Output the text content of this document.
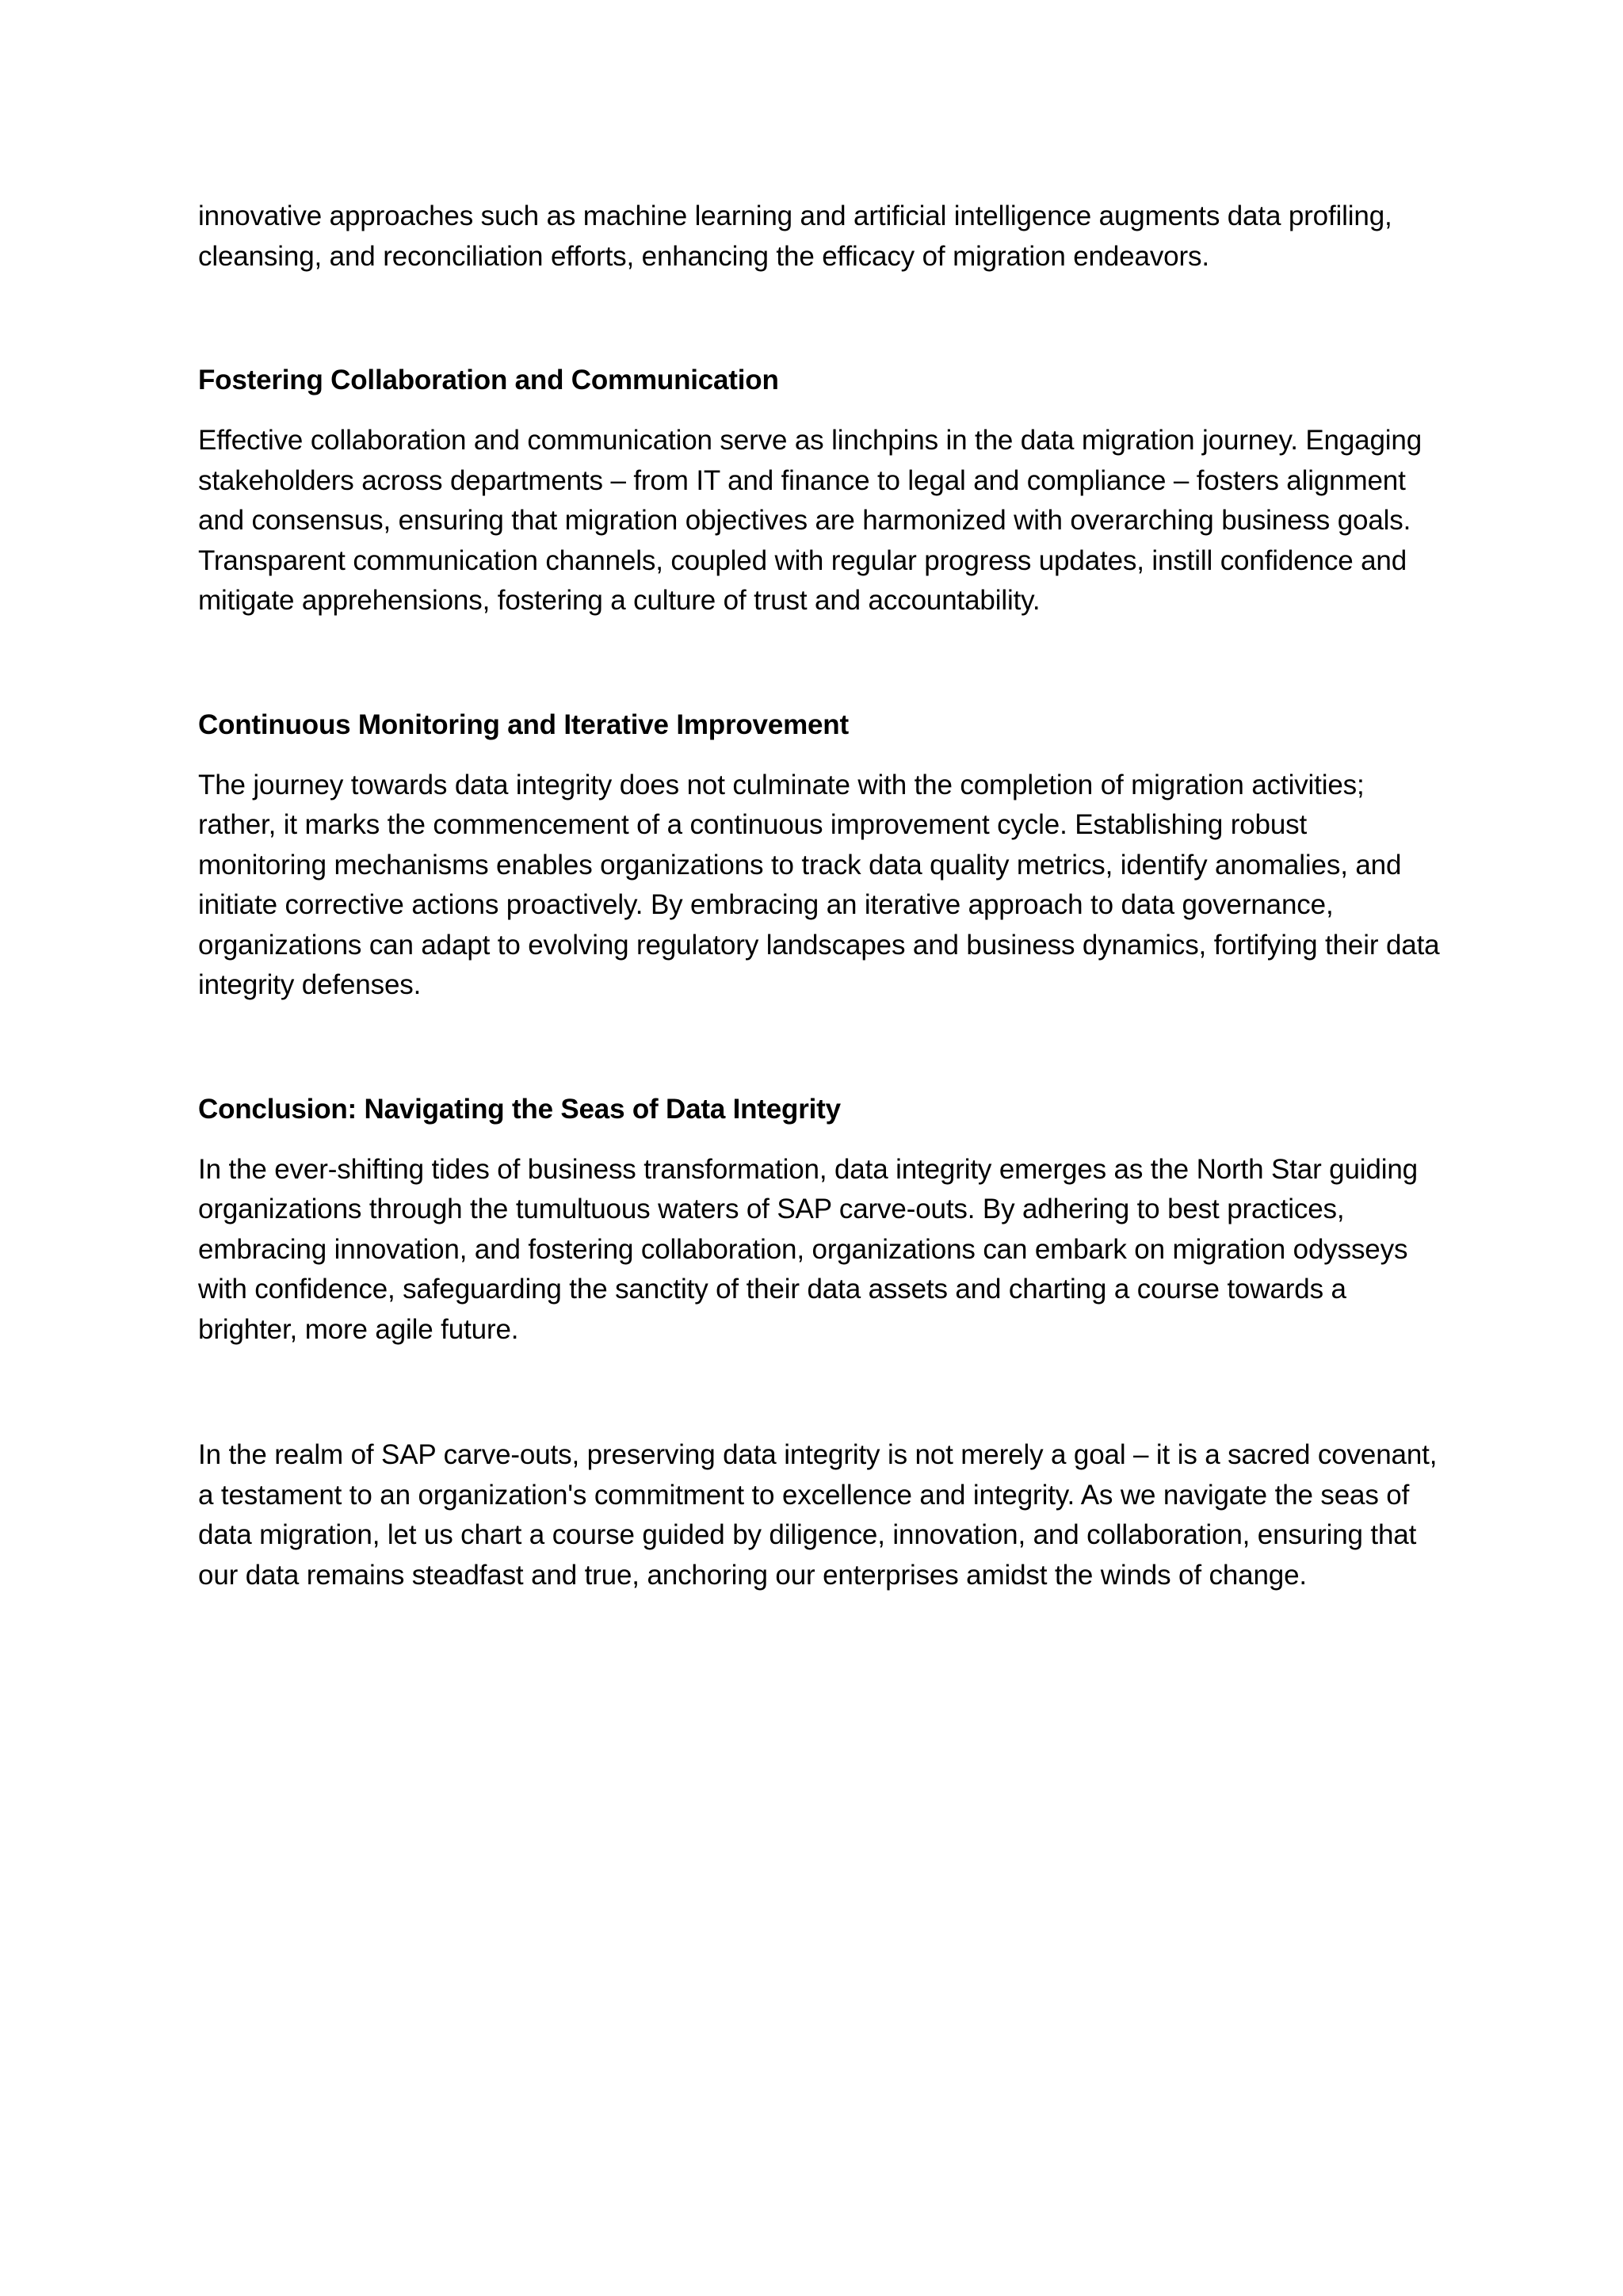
innovative approaches such as machine learning and artificial intelligence augments data profiling, cleansing, and reconciliation efforts, enhancing the efficacy of migration endeavors.

Fostering Collaboration and Communication

Effective collaboration and communication serve as linchpins in the data migration journey. Engaging stakeholders across departments – from IT and finance to legal and compliance – fosters alignment and consensus, ensuring that migration objectives are harmonized with overarching business goals. Transparent communication channels, coupled with regular progress updates, instill confidence and mitigate apprehensions, fostering a culture of trust and accountability.

Continuous Monitoring and Iterative Improvement

The journey towards data integrity does not culminate with the completion of migration activities; rather, it marks the commencement of a continuous improvement cycle. Establishing robust monitoring mechanisms enables organizations to track data quality metrics, identify anomalies, and initiate corrective actions proactively. By embracing an iterative approach to data governance, organizations can adapt to evolving regulatory landscapes and business dynamics, fortifying their data integrity defenses.

Conclusion: Navigating the Seas of Data Integrity

In the ever-shifting tides of business transformation, data integrity emerges as the North Star guiding organizations through the tumultuous waters of SAP carve-outs. By adhering to best practices, embracing innovation, and fostering collaboration, organizations can embark on migration odysseys with confidence, safeguarding the sanctity of their data assets and charting a course towards a brighter, more agile future.

In the realm of SAP carve-outs, preserving data integrity is not merely a goal – it is a sacred covenant, a testament to an organization's commitment to excellence and integrity. As we navigate the seas of data migration, let us chart a course guided by diligence, innovation, and collaboration, ensuring that our data remains steadfast and true, anchoring our enterprises amidst the winds of change.
